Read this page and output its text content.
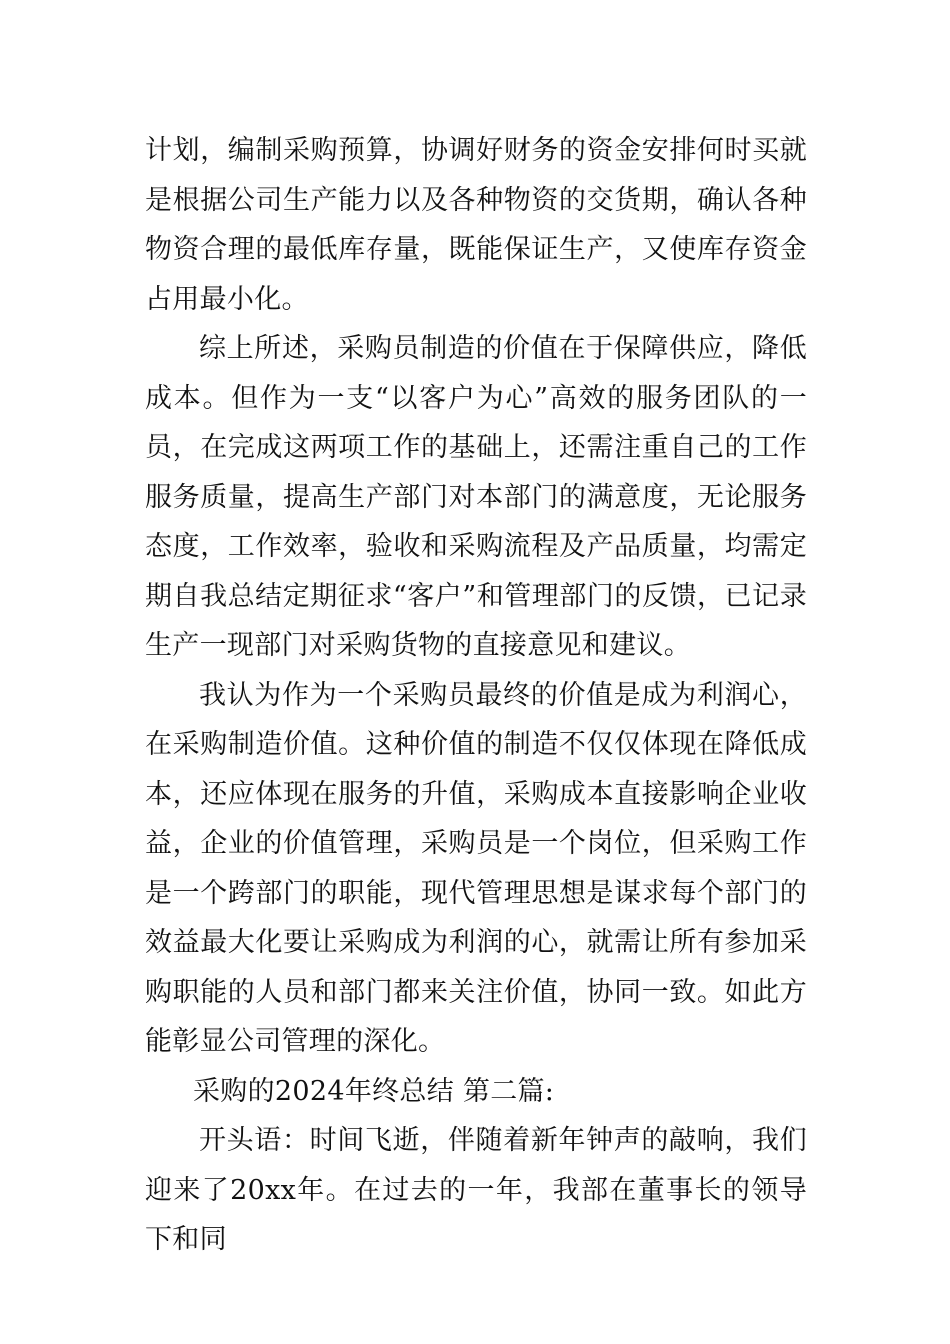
计划，编制采购预算，协调好财务的资金安排何时买就是根据公司生产能力以及各种物资的交货期，确认各种物资合理的最低库存量，既能保证生产，又使库存资金占用最小化。

综上所述，采购员制造的价值在于保障供应，降低成本。但作为一支“以客户为心”高效的服务团队的一员，在完成这两项工作的基础上，还需注重自己的工作服务质量，提高生产部门对本部门的满意度，无论服务态度，工作效率，验收和采购流程及产品质量，均需定期自我总结定期征求“客户”和管理部门的反馈，已记录生产一现部门对采购货物的直接意见和建议。

我认为作为一个采购员最终的价值是成为利润心，在采购制造价值。这种价值的制造不仅仅体现在降低成本，还应体现在服务的升值，采购成本直接影响企业收益，企业的价值管理，采购员是一个岗位，但采购工作是一个跨部门的职能，现代管理思想是谋求每个部门的效益最大化要让采购成为利润的心，就需让所有参加采购职能的人员和部门都来关注价值，协同一致。如此方能彰显公司管理的深化。

采购的2024年终总结 第二篇:

开头语：时间飞逝，伴随着新年钟声的敲响，我们迎来了20xx年。在过去的一年，我部在董事长的领导下和同
